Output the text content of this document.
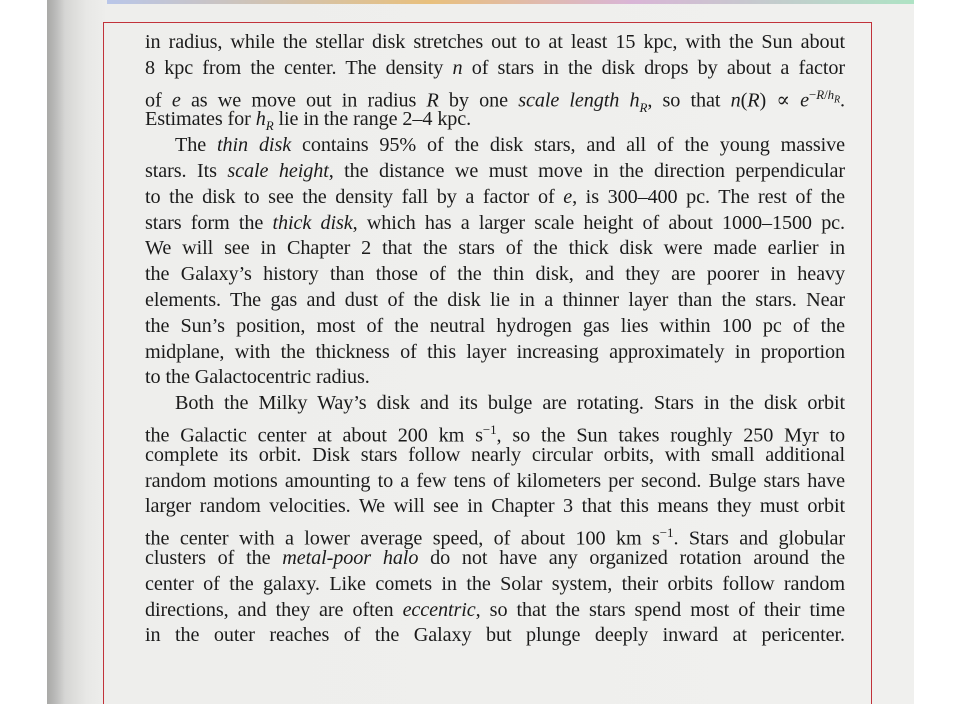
in radius, while the stellar disk stretches out to at least 15 kpc, with the Sun about
8 kpc from the center. The density n of stars in the disk drops by about a factor
of e as we move out in radius R by one scale length $h_R$, so that $n(R) \propto e^{-R/h_R}$.
Estimates for $h_R$ lie in the range 2–4 kpc.
The thin disk contains 95% of the disk stars, and all of the young massive
stars. Its scale height, the distance we must move in the direction perpendicular
to the disk to see the density fall by a factor of e, is 300–400 pc. The rest of the
stars form the thick disk, which has a larger scale height of about 1000–1500 pc.
We will see in Chapter 2 that the stars of the thick disk were made earlier in
the Galaxy’s history than those of the thin disk, and they are poorer in heavy
elements. The gas and dust of the disk lie in a thinner layer than the stars. Near
the Sun’s position, most of the neutral hydrogen gas lies within 100 pc of the
midplane, with the thickness of this layer increasing approximately in proportion
to the Galactocentric radius.
Both the Milky Way’s disk and its bulge are rotating. Stars in the disk orbit
the Galactic center at about 200 km $s^{-1}$, so the Sun takes roughly 250 Myr to
complete its orbit. Disk stars follow nearly circular orbits, with small additional
random motions amounting to a few tens of kilometers per second. Bulge stars have
larger random velocities. We will see in Chapter 3 that this means they must orbit
the center with a lower average speed, of about 100 km $s^{-1}$. Stars and globular
clusters of the metal-poor halo do not have any organized rotation around the
center of the galaxy. Like comets in the Solar system, their orbits follow random
directions, and they are often eccentric, so that the stars spend most of their time
in the outer reaches of the Galaxy but plunge deeply inward at pericenter.
